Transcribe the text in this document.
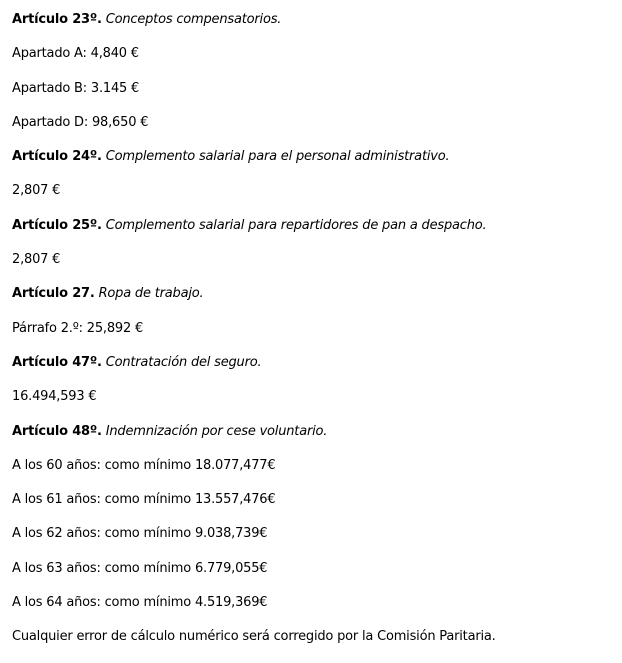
Artículo 23º. Conceptos compensatorios.

Apartado A: 4,840 €

Apartado B: 3.145 €

Apartado D: 98,650 €

Artículo 24º. Complemento salarial para el personal administrativo.

2,807 €

Artículo 25º. Complemento salarial para repartidores de pan a despacho.

2,807 €

Artículo 27. Ropa de trabajo.

Párrafo 2.º: 25,892 €

Artículo 47º. Contratación del seguro.

16.494,593 €

Artículo 48º. Indemnización por cese voluntario.

A los 60 años: como mínimo 18.077,477€

A los 61 años: como mínimo 13.557,476€

A los 62 años: como mínimo 9.038,739€

A los 63 años: como mínimo 6.779,055€

A los 64 años: como mínimo 4.519,369€

Cualquier error de cálculo numérico será corregido por la Comisión Paritaria.
